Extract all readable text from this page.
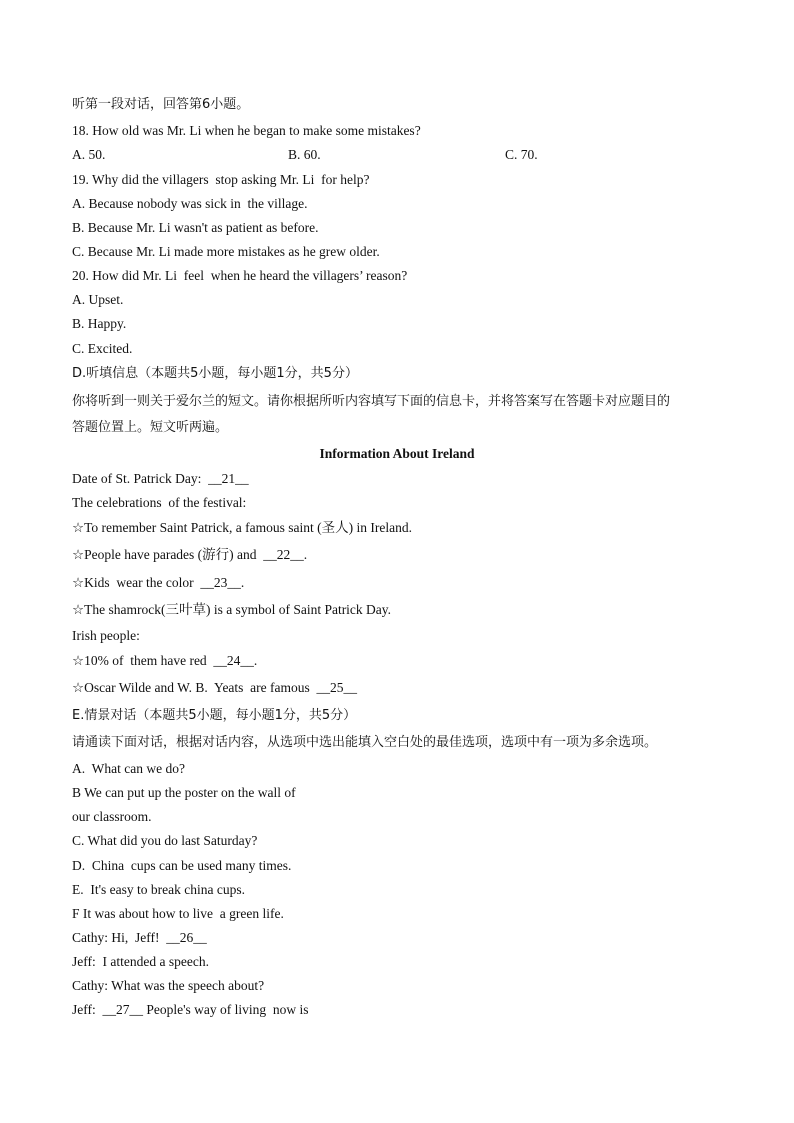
听第一段对话，回答第6小题。
18. How old was Mr. Li when he began to make some mistakes?
A. 50.	B. 60.	C. 70.
19. Why did the villagers  stop asking Mr. Li  for help?
A. Because nobody was sick in  the village.
B. Because Mr. Li wasn't as patient as before.
C. Because Mr. Li made more mistakes as he grew older.
20. How did Mr. Li  feel  when he heard the villagers’ reason?
A. Upset.
B. Happy.
C. Excited.
D.听填信息（本题共5小题，每小题1分，共5分）
你将听到一则关于爱尔兰的短文。请你根据所听内容填写下面的信息卡，并将答案写在答题卡对应题目的
答题位置上。短文听两遍。
Information About Ireland
Date of St. Patrick Day:  __21__
The celebrations  of the festival:
☆To remember Saint Patrick, a famous saint (圣人) in Ireland.
☆People have parades (游行) and  __22__.
☆Kids  wear the color  __23__.
☆The shamrock(三叶草) is a symbol of Saint Patrick Day.
Irish people:
☆10% of  them have red  __24__.
☆Oscar Wilde and W. B.  Yeats  are famous  __25__
E.情景对话（本题共5小题，每小题1分，共5分）
请通读下面对话，根据对话内容，从选项中选出能填入空白处的最佳选项，选项中有一项为多余选项。
A.  What can we do?
B We can put up the poster on the wall of
our classroom.
C. What did you do last Saturday?
D.  China  cups can be used many times.
E.  It's easy to break china cups.
F It was about how to live  a green life.
Cathy: Hi,  Jeff!  __26__
Jeff:  I attended a speech.
Cathy: What was the speech about?
Jeff:  __27__ People's way of living  now is
